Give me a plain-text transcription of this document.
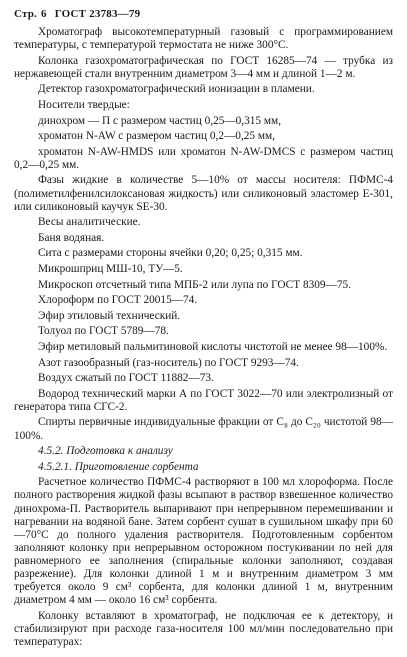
Стр. 6 ГОСТ 23783—79

Хроматограф высокотемпературный газовый с программированием температуры, с температурой термостата не ниже 300°С.

Колонка газохроматографическая по ГОСТ 16285—74 — трубка из нержавеющей стали внутренним диаметром 3—4 мм и длиной 1—2 м.

Детектор газохроматографический ионизации в пламени.

Носители твердые:

динохром — П с размером частиц 0,25—0,315 мм,

хроматон N-AW с размером частиц 0,2—0,25 мм,

хроматон N-AW-HMDS или хроматон N-AW-DMCS с размером частиц 0,2—0,25 мм.

Фазы жидкие в количестве 5—10% от массы носителя: ПФМС-4 (полиметилфенилсилоксановая жидкость) или силиконовый эластомер Е-301, или силиконовый каучук SE-30.

Весы аналитические.

Баня водяная.

Сита с размерами стороны ячейки 0,20; 0,25; 0,315 мм.

Микрошприц МШ-10, ТУ—5.

Микроскоп отсчетный типа МПБ-2 или лупа по ГОСТ 8309—75.

Хлороформ по ГОСТ 20015—74.

Эфир этиловый технический.

Толуол по ГОСТ 5789—78.

Эфир метиловый пальмитиновой кислоты чистотой не менее 98—100%.

Азот газообразный (газ-носитель) по ГОСТ 9293—74.

Воздух сжатый по ГОСТ 11882—73.

Водород технический марки А по ГОСТ 3022—70 или электролизный от генератора типа СГС-2.

Спирты первичные индивидуальные фракции от C₈ до C₂₀ чистотой 98—100%.

4.5.2. Подготовка к анализу

4.5.2.1. Приготовление сорбента

Расчетное количество ПФМС-4 растворяют в 100 мл хлороформа. После полного растворения жидкой фазы всыпают в раствор взвешенное количество динохрома-П. Растворитель выпаривают при непрерывном перемешивании и нагревании на водяной бане. Затем сорбент сушат в сушильном шкафу при 60—70°С до полного удаления растворителя. Подготовленным сорбентом заполняют колонку при непрерывном осторожном постукивании по ней для равномерного ее заполнения (спиральные колонки заполняют, создавая разрежение). Для колонки длиной 1 м и внутренним диаметром 3 мм требуется около 9 см³ сорбента, для колонки длиной 1 м, внутренним диаметром 4 мм — около 16 см³ сорбента.

Колонку вставляют в хроматограф, не подключая ее к детектору, и стабилизируют при расходе газа-носителя 100 мл/мин последовательно при температурах:
